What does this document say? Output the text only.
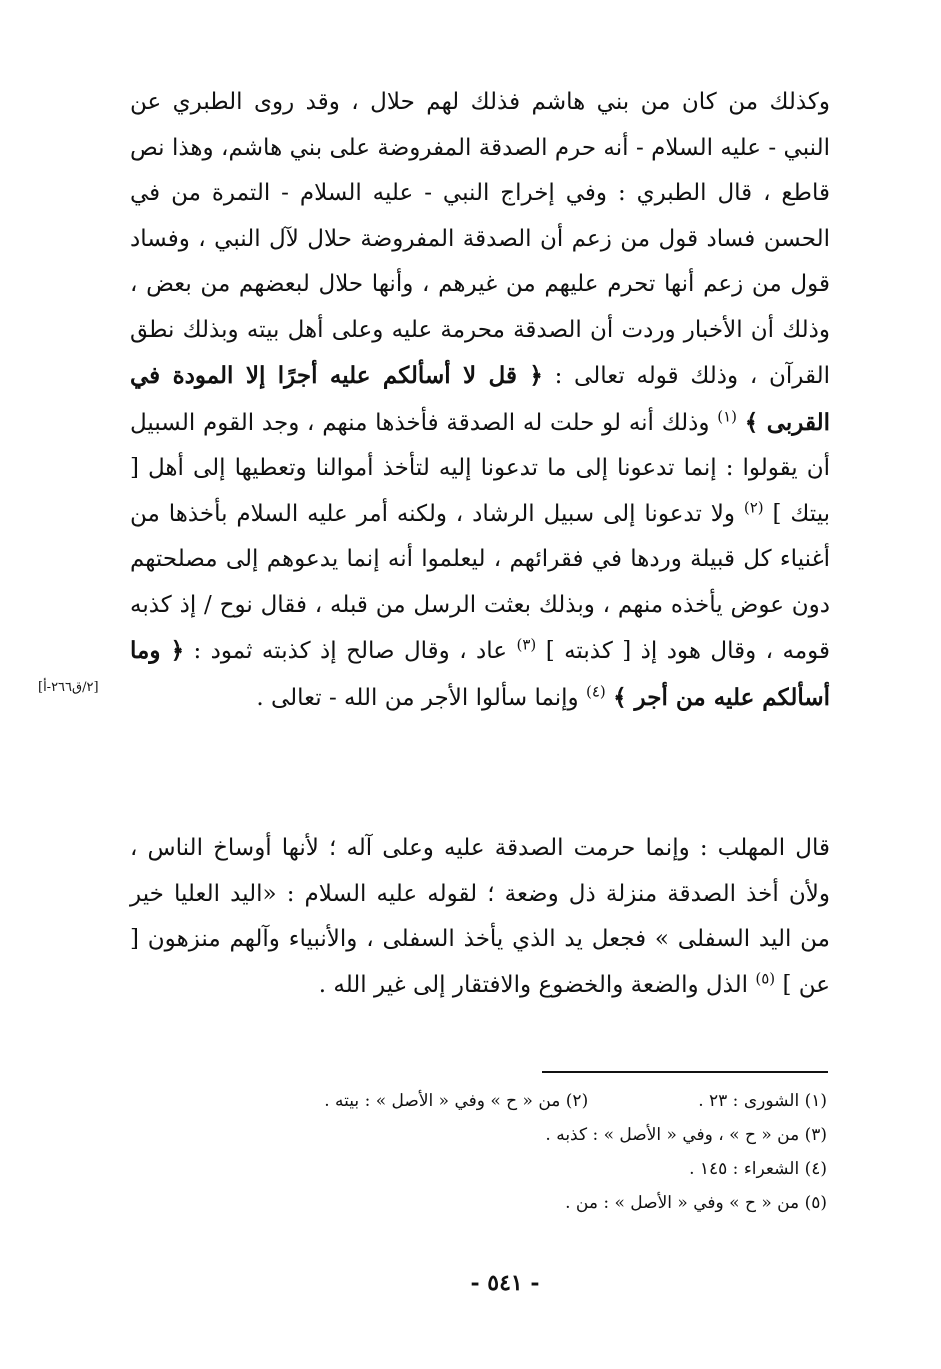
وكذلك من كان من بني هاشم فذلك لهم حلال ، وقد روى الطبري عن النبي - عليه السلام - أنه حرم الصدقة المفروضة على بني هاشم، وهذا نص قاطع ، قال الطبري : وفي إخراج النبي - عليه السلام - التمرة من في الحسن فساد قول من زعم أن الصدقة المفروضة حلال لآل النبي ، وفساد قول من زعم أنها تحرم عليهم من غيرهم ، وأنها حلال لبعضهم من بعض ، وذلك أن الأخبار وردت أن الصدقة محرمة عليه وعلى أهل بيته وبذلك نطق القرآن ، وذلك قوله تعالى : ﴿ قل لا أسألكم عليه أجرًا إلا المودة في القربى ﴾ $^{(١)}$ وذلك أنه لو حلت له الصدقة فأخذها منهم ، وجد القوم السبيل أن يقولوا : إنما تدعونا إلى ما تدعونا إليه لتأخذ أموالنا وتعطيها إلى أهل [ بيتك ] $^{(٢)}$ ولا تدعونا إلى سبيل الرشاد ، ولكنه أمر عليه السلام بأخذها من أغنياء كل قبيلة وردها في فقرائهم ، ليعلموا أنه إنما يدعوهم إلى مصلحتهم دون عوض يأخذه منهم ، وبذلك بعثت الرسل من قبله ، فقال نوح / إذ كذبه قومه ، وقال هود إذ [ كذبته ] $^{(٣)}$ عاد ، وقال صالح إذ كذبته ثمود : ﴿ وما أسألكم عليه من أجر ﴾ $^{(٤)}$ وإنما سألوا الأجر من الله - تعالى .
[٢/ق٢٦٦-أ]
قال المهلب : وإنما حرمت الصدقة عليه وعلى آله ؛ لأنها أوساخ الناس ، ولأن أخذ الصدقة منزلة ذل وضعة ؛ لقوله عليه السلام : «اليد العليا خير من اليد السفلى » فجعل يد الذي يأخذ السفلى ، والأنبياء وآلهم منزهون [ عن ] $^{(٥)}$ الذل والضعة والخضوع والافتقار إلى غير الله .
(١) الشورى : ٢٣ .(٢) من « ح » وفي « الأصل » : بيته .
(٣) من « ح » ، وفي « الأصل » : كذبه .
(٤) الشعراء : ١٤٥ .
(٥) من « ح » وفي « الأصل » : من .
- ٥٤١ -
